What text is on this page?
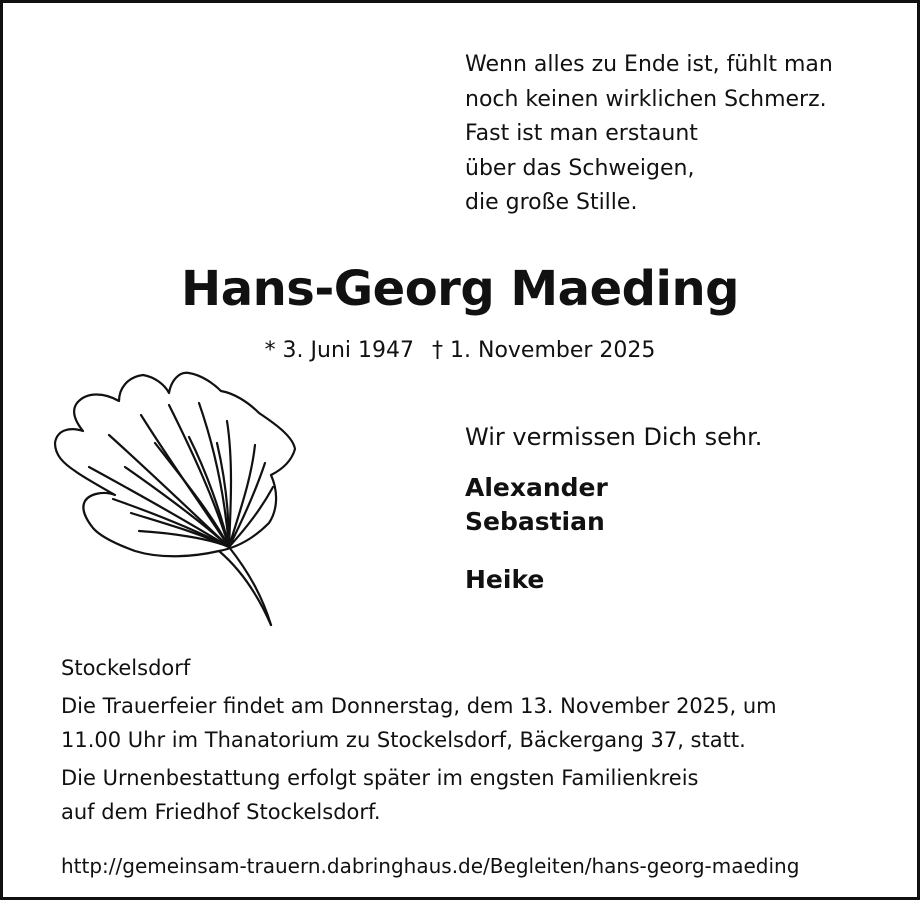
Wenn alles zu Ende ist, fühlt man
noch keinen wirklichen Schmerz.
Fast ist man erstaunt
über das Schweigen,
die große Stille.
Hans-Georg Maeding
* 3. Juni 1947 † 1. November 2025
Wir vermissen Dich sehr.
Alexander
Sebastian
Heike

Stockelsdorf

Die Trauerfeier findet am Donnerstag, dem 13. November 2025, um

11.00 Uhr im Thanatorium zu Stockelsdorf, Bäckergang 37, statt.

Die Urnenbestattung erfolgt später im engsten Familienkreis

auf dem Friedhof Stockelsdorf.

http://gemeinsam-trauern.dabringhaus.de/Begleiten/hans-georg-maeding
